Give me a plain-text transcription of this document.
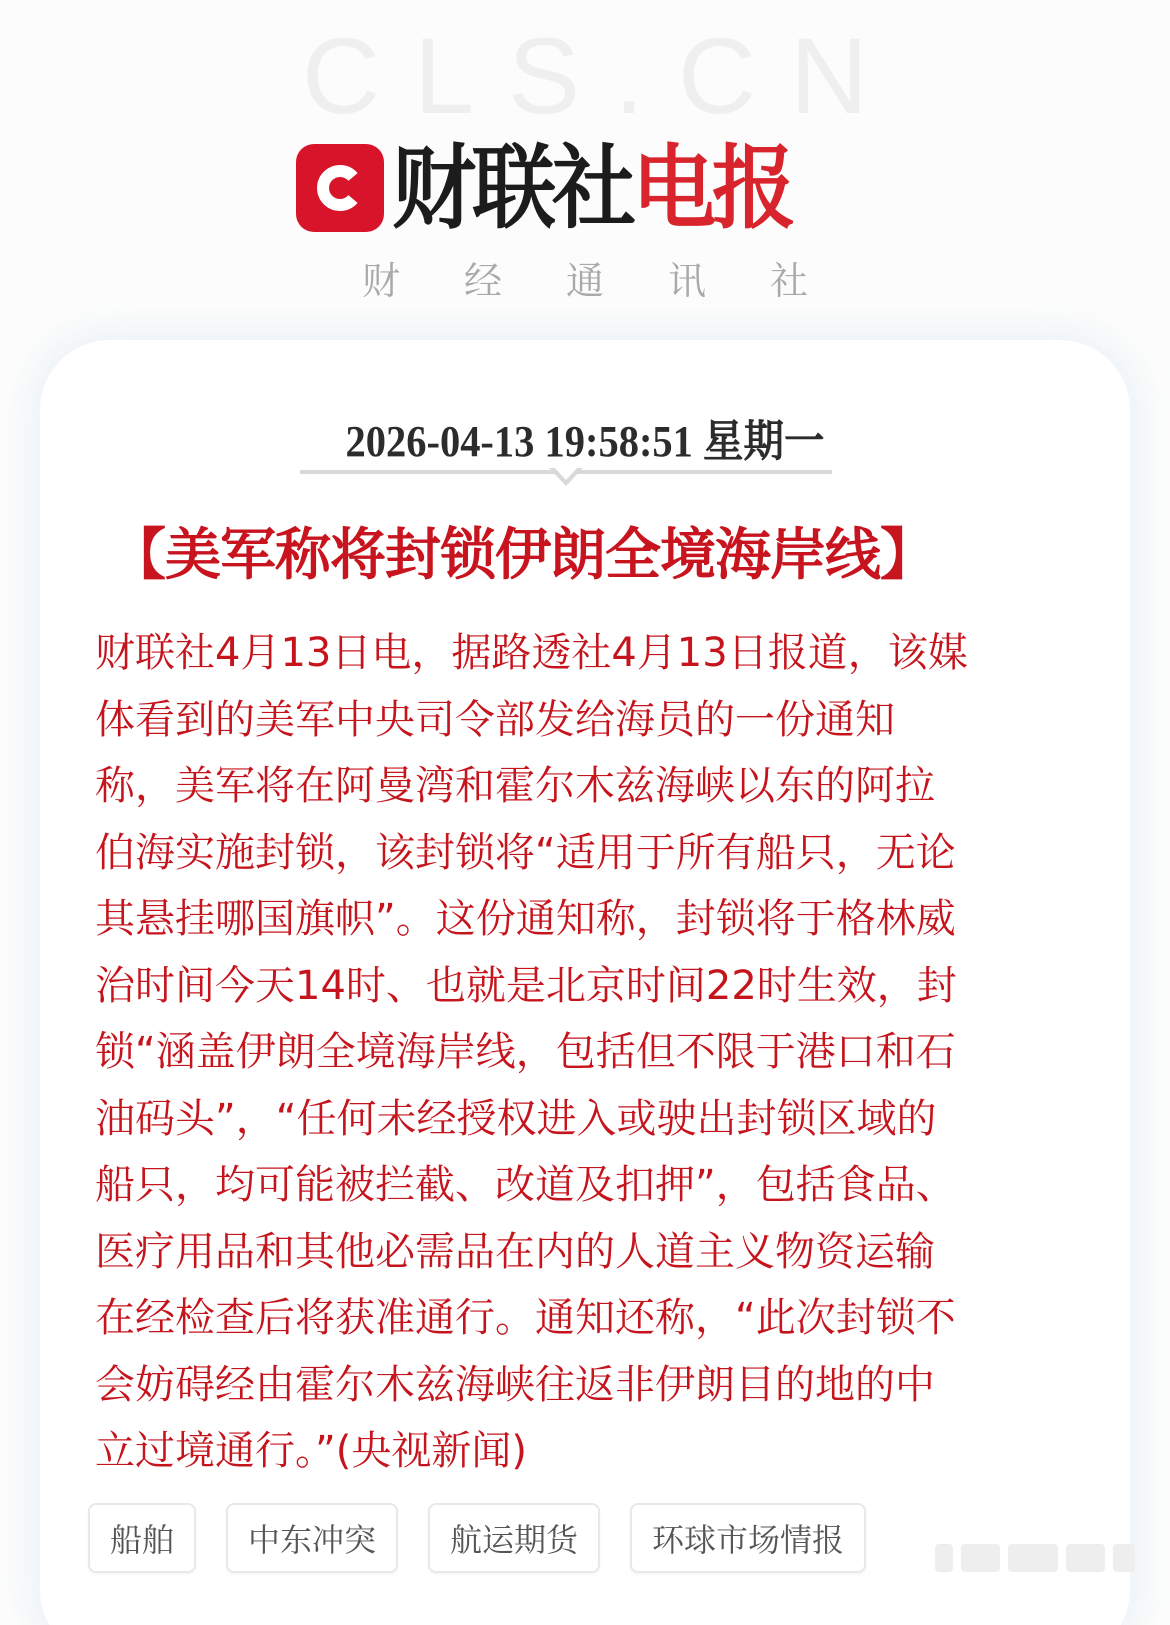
CLS.CN
财联社电报
财经通讯社
2026-04-13 19:58:51 星期一
【美军称将封锁伊朗全境海岸线】
财联社4月13日电，据路透社4月13日报道，该媒
体看到的美军中央司令部发给海员的一份通知
称，美军将在阿曼湾和霍尔木兹海峡以东的阿拉
伯海实施封锁，该封锁将“适用于所有船只，无论
其悬挂哪国旗帜”。这份通知称，封锁将于格林威
治时间今天14时、也就是北京时间22时生效，封
锁“涵盖伊朗全境海岸线，包括但不限于港口和石
油码头”，“任何未经授权进入或驶出封锁区域的
船只，均可能被拦截、改道及扣押”，包括食品、
医疗用品和其他必需品在内的人道主义物资运输
在经检查后将获准通行。通知还称，“此次封锁不
会妨碍经由霍尔木兹海峡往返非伊朗目的地的中
立过境通行。”(央视新闻)
船舶	中东冲突	航运期货	环球市场情报
